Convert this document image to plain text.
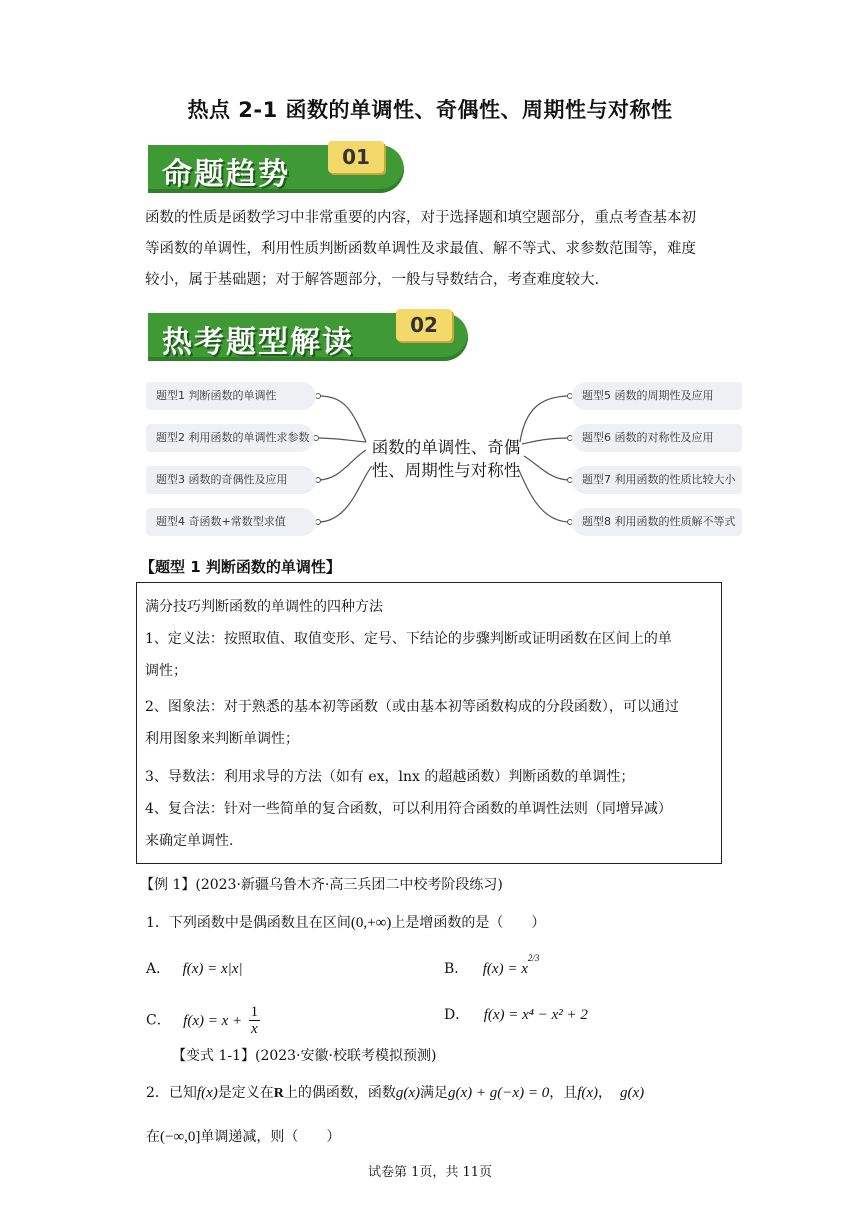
热点 2-1 函数的单调性、奇偶性、周期性与对称性
命题趋势	01
函数的性质是函数学习中非常重要的内容，对于选择题和填空题部分，重点考查基本初
等函数的单调性，利用性质判断函数单调性及求最值、解不等式、求参数范围等，难度
较小，属于基础题；对于解答题部分，一般与导数结合，考查难度较大.
热考题型解读	02
题型1 判断函数的单调性
题型2 利用函数的单调性求参数
题型3 函数的奇偶性及应用
题型4 奇函数+常数型求值
函数的单调性、奇偶
性、周期性与对称性
题型5 函数的周期性及应用
题型6 函数的对称性及应用
题型7 利用函数的性质比较大小
题型8 利用函数的性质解不等式
【题型 1 判断函数的单调性】
满分技巧判断函数的单调性的四种方法
1、定义法：按照取值、取值变形、定号、下结论的步骤判断或证明函数在区间上的单
调性；
2、图象法：对于熟悉的基本初等函数（或由基本初等函数构成的分段函数），可以通过
利用图象来判断单调性；
3、导数法：利用求导的方法（如有 ex，lnx 的超越函数）判断函数的单调性；
4、复合法：针对一些简单的复合函数，可以利用符合函数的单调性法则（同增异减）
来确定单调性.
【例 1】(2023·新疆乌鲁木齐·高三兵团二中校考阶段练习)
1．下列函数中是偶函数且在区间(0,+∞)上是增函数的是（　　）
A． f(x) = x|x|	B． $f(x) = x^{2/3}$
C． $f(x) = x + \frac{1}{x}$	D． f(x) = x⁴ − x² + 2
【变式 1-1】(2023·安徽·校联考模拟预测)
2．已知f(x)是定义在R上的偶函数，函数g(x)满足g(x) + g(−x) = 0，且f(x)， g(x)
在(−∞,0]单调递减，则（　　）
试卷第 1页，共 11页
